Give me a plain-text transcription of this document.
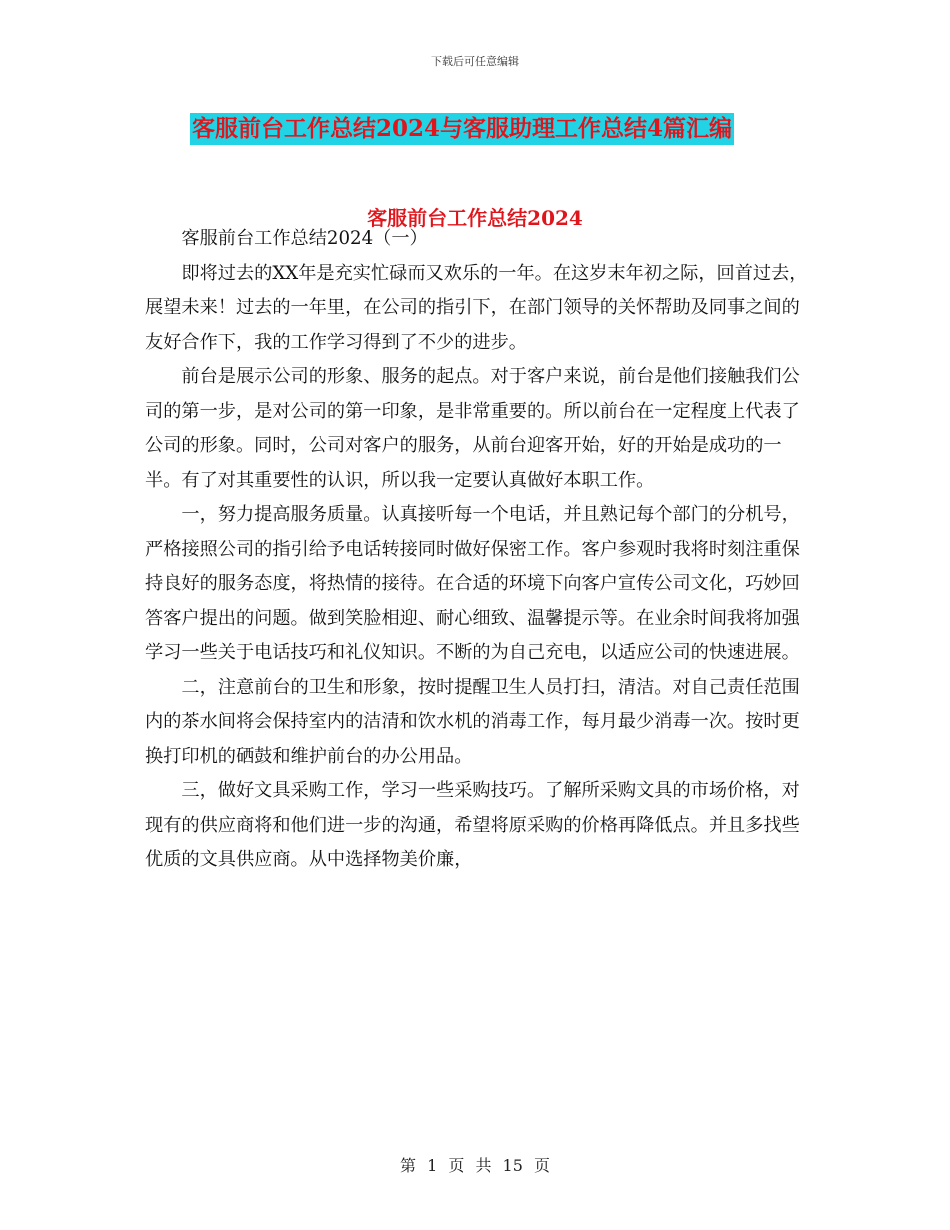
下载后可任意编辑
客服前台工作总结2024与客服助理工作总结4篇汇编
客服前台工作总结2024

客服前台工作总结2024（一）

即将过去的XX年是充实忙碌而又欢乐的一年。在这岁末年初之际，回首过去，展望未来！过去的一年里，在公司的指引下，在部门领导的关怀帮助及同事之间的友好合作下，我的工作学习得到了不少的进步。

前台是展示公司的形象、服务的起点。对于客户来说，前台是他们接触我们公司的第一步，是对公司的第一印象，是非常重要的。所以前台在一定程度上代表了公司的形象。同时，公司对客户的服务，从前台迎客开始，好的开始是成功的一半。有了对其重要性的认识，所以我一定要认真做好本职工作。

一，努力提高服务质量。认真接听每一个电话，并且熟记每个部门的分机号，严格接照公司的指引给予电话转接同时做好保密工作。客户参观时我将时刻注重保持良好的服务态度，将热情的接待。在合适的环境下向客户宣传公司文化，巧妙回答客户提出的问题。做到笑脸相迎、耐心细致、温馨提示等。在业余时间我将加强学习一些关于电话技巧和礼仪知识。不断的为自己充电，以适应公司的快速进展。

二，注意前台的卫生和形象，按时提醒卫生人员打扫，清洁。对自己责任范围内的茶水间将会保持室内的洁清和饮水机的消毒工作，每月最少消毒一次。按时更换打印机的硒鼓和维护前台的办公用品。

三，做好文具采购工作，学习一些采购技巧。了解所采购文具的市场价格，对现有的供应商将和他们进一步的沟通，希望将原采购的价格再降低点。并且多找些优质的文具供应商。从中选择物美价廉，

第 1 页 共 15 页
